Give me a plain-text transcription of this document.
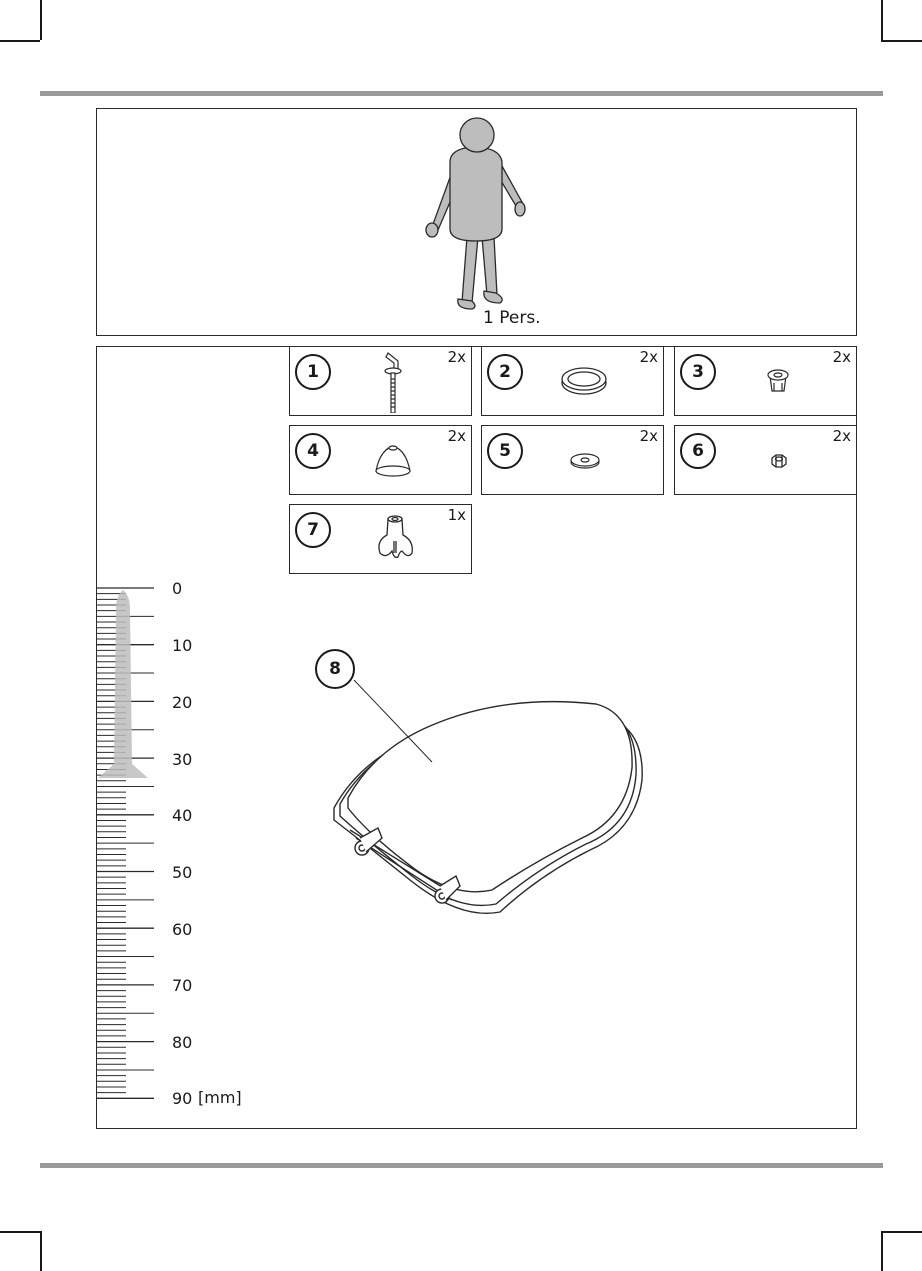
1 Pers.
1
2x
2
2x
3
2x
4
2x
5
2x
6
2x
7
1x
0
10
20
30
40
50
60
70
80
90 [mm]
8
